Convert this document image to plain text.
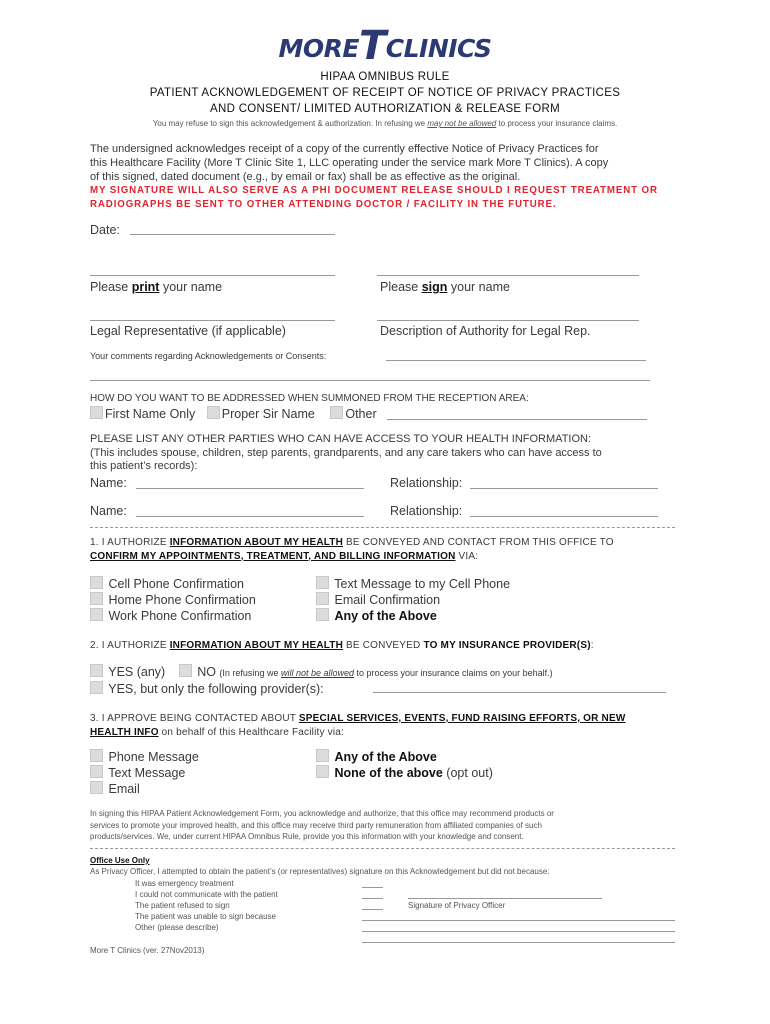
MORETCLINICS
HIPAA OMNIBUS RULE
PATIENT ACKNOWLEDGEMENT OF RECEIPT OF NOTICE OF PRIVACY PRACTICES
AND CONSENT/ LIMITED AUTHORIZATION & RELEASE FORM
You may refuse to sign this acknowledgement & authorization. In refusing we may not be allowed to process your insurance claims.
The undersigned acknowledges receipt of a copy of the currently effective Notice of Privacy Practices for
this Healthcare Facility (More T Clinic Site 1, LLC operating under the service mark More T Clinics). A copy
of this signed, dated document (e.g., by email or fax) shall be as effective as the original.
MY SIGNATURE WILL ALSO SERVE AS A PHI DOCUMENT RELEASE SHOULD I REQUEST TREATMENT OR
RADIOGRAPHS BE SENT TO OTHER ATTENDING DOCTOR / FACILITY IN THE FUTURE.
Date:
Please print your name	Please sign your name
Legal Representative (if applicable)	Description of Authority for Legal Rep.
Your comments regarding Acknowledgements or Consents:
HOW DO YOU WANT TO BE ADDRESSED WHEN SUMMONED FROM THE RECEPTION AREA:
First Name Only Proper Sir Name Other
PLEASE LIST ANY OTHER PARTIES WHO CAN HAVE ACCESS TO YOUR HEALTH INFORMATION:
(This includes spouse, children, step parents, grandparents, and any care takers who can have access to
this patient’s records):
Name:	Relationship:
Name:	Relationship:
1. I AUTHORIZE INFORMATION ABOUT MY HEALTH BE CONVEYED AND CONTACT FROM THIS OFFICE TO
CONFIRM MY APPOINTMENTS, TREATMENT, AND BILLING INFORMATION VIA:
Cell Phone Confirmation
Home Phone Confirmation
Work Phone Confirmation
Text Message to my Cell Phone
Email Confirmation
Any of the Above
2. I AUTHORIZE INFORMATION ABOUT MY HEALTH BE CONVEYED TO MY INSURANCE PROVIDER(S):
YES (any)	NO (In refusing we will not be allowed to process your insurance claims on your behalf.)
YES, but only the following provider(s):
3. I APPROVE BEING CONTACTED ABOUT SPECIAL SERVICES, EVENTS, FUND RAISING EFFORTS, OR NEW
HEALTH INFO on behalf of this Healthcare Facility via:
Phone Message
Text Message
Email
Any of the Above
None of the above (opt out)
In signing this HIPAA Patient Acknowledgement Form, you acknowledge and authorize, that this office may recommend products or
services to promote your improved health, and this office may receive third party remuneration from affiliated companies of such
products/services. We, under current HIPAA Omnibus Rule, provide you this information with your knowledge and consent.
Office Use Only
As Privacy Officer, I attempted to obtain the patient’s (or representatives) signature on this Acknowledgement but did not because:
It was emergency treatment
I could not communicate with the patient
The patient refused to sign
The patient was unable to sign because
Other (please describe)
Signature of Privacy Officer
More T Clinics (ver. 27Nov2013)
